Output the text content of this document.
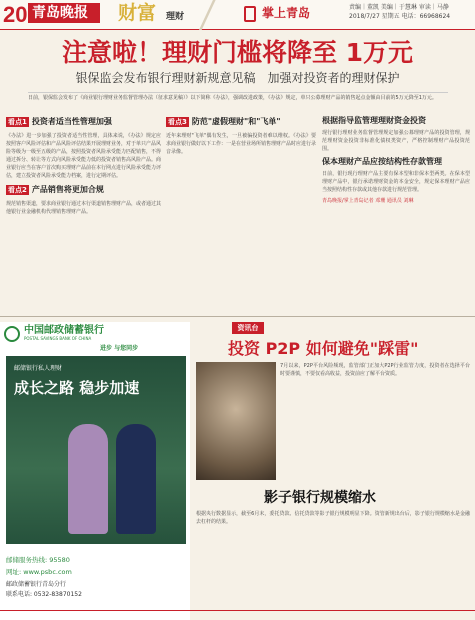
20 青岛晚报	财富 理财	掌上青岛	责编｜董凯 美编｜于慧琳 审读｜马静
2018/7/27 星期五 电话：66968624
注意啦！理财门槛将降至 1万元
银保监会发布银行理财新规意见稿　加强对投资者的理财保护
日前，银保监会发布了《商业银行理财业务监督管理办法（征求意见稿）》以下简称《办法》，强调改进政策，《办法》规定，单只公募理财产品的销售起点金额由目前的5万元降至1万元。
看点1 投资者适当性管理加强
《办法》进一步加强了投资者适当性管理，具体来说，《办法》规定应按照客户风险评估和产品风险评估结果开展理财业务，对于单只产品风险等级为一级至五级的产品，按照投资者风险承受能力匹配销售，不得通过拆分、转让等方式向风险承受能力低的投资者销售高风险产品。商业银行应当在客户首次购买理财产品前在本行网点进行风险承受能力评估，建立投资者风险承受能力档案，进行定期评估。
看点2 产品销售将更加合规
规范销售渠道，要求商业银行通过本行渠道销售理财产品，或者通过其他银行业金融机构代理销售理财产品。
看点3 防范"虚假理财"和"飞单"
近年来理财"飞单"偶有发生，一旦被骗投资者难以维权。《办法》要求商业银行做好以下工作：一是在营业场所销售理财产品时应进行录音录像。
根据指导监管理理财资金投资
现行银行理财业务监督管理规定加强公募理财产品的投资管理，规范理财资金投资非标准化债权类资产，严格控制理财产品投资范围。
保本理财产品应按结构性存款管理
日前，银行现行理财产品主要有保本型和非保本型两类。在保本型理财产品中，银行承诺理财资金的本金安全，规定保本理财产品应当按照结构性存款或其他存款进行规范管理。
青岛晚报/掌上青岛记者 邓珊 通讯员 刘琳
中国邮政储蓄银行
POSTAL SAVINGS BANK OF CHINA
进步 与您同步
邮储银行私人理财
成长之路 稳步加速
邮储服务热线: 95580
网址: www.psbc.com
邮政储蓄银行青岛分行
联系电话: 0532-83870152
资讯台
投资 P2P 如何避免"踩雷"
7月以来，P2P平台风险频现，监管部门正加大P2P行业监管力度，投资者在选择平台时要谨慎，不要仅看高收益，投资前应了解平台资质。
影子银行规模缩水
根据央行数据显示，截至6月末，委托贷款、信托贷款等影子银行规模明显下降。资管新规出台后，影子银行规模缩水是金融去杠杆的结果。
